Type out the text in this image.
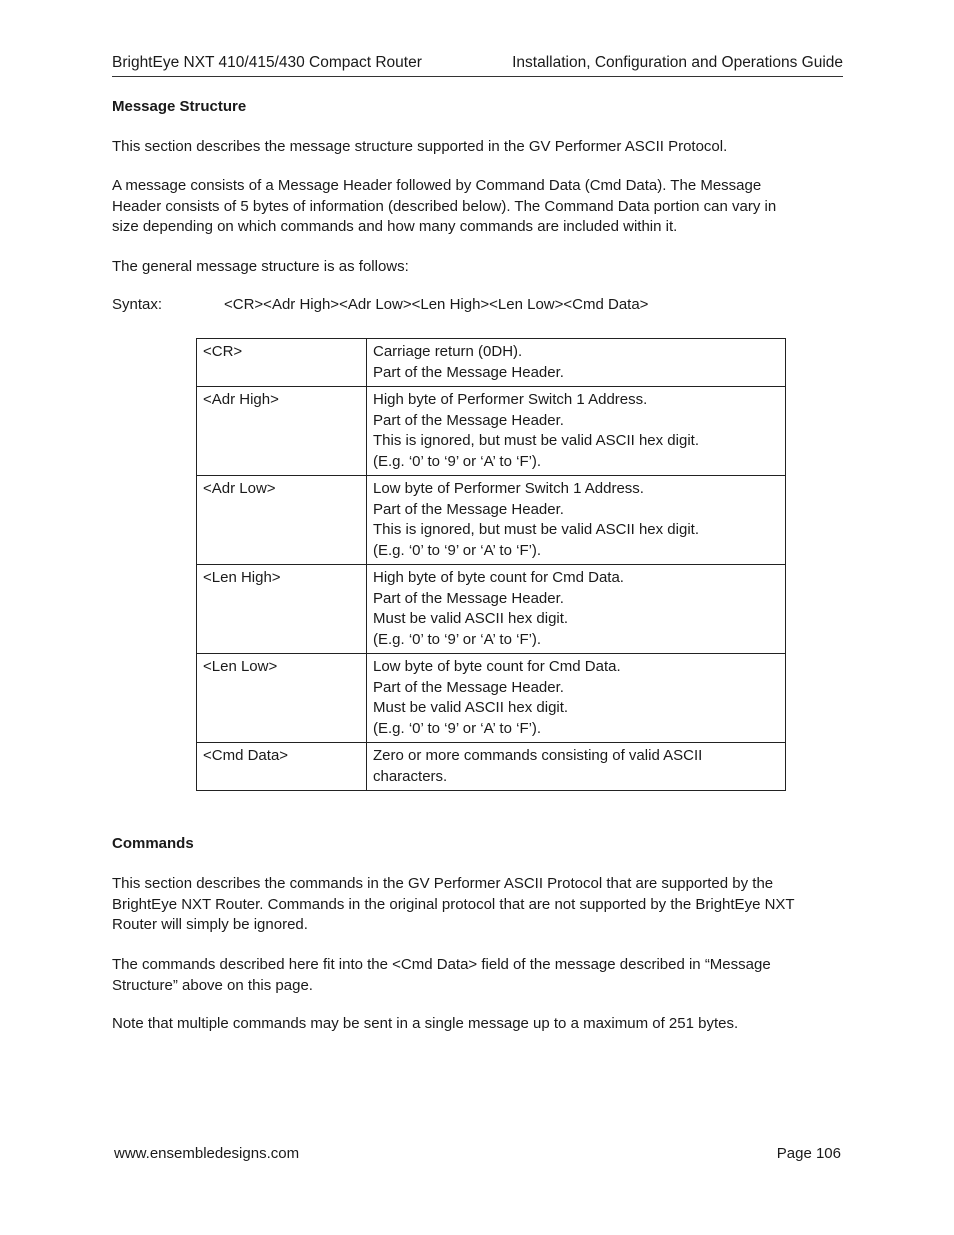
BrightEye NXT 410/415/430 Compact Router	Installation, Configuration and Operations Guide
Message Structure
This section describes the message structure supported in the GV Performer ASCII Protocol.
A message consists of a Message Header followed by Command Data (Cmd Data). The Message
Header consists of 5 bytes of information (described below). The Command Data portion can vary in
size depending on which commands and how many commands are included within it.
The general message structure is as follows:
Syntax:	<CR><Adr High><Adr Low><Len High><Len Low><Cmd Data>
<CR>	Carriage return (0DH).
Part of the Message Header.

<Adr High>	High byte of Performer Switch 1 Address.
Part of the Message Header.
This is ignored, but must be valid ASCII hex digit.
(E.g. ‘0’ to ‘9’ or ‘A’ to ‘F’).

<Adr Low>	Low byte of Performer Switch 1 Address.
Part of the Message Header.
This is ignored, but must be valid ASCII hex digit.
(E.g. ‘0’ to ‘9’ or ‘A’ to ‘F’).

<Len High>	High byte of byte count for Cmd Data.
Part of the Message Header.
Must be valid ASCII hex digit.
(E.g. ‘0’ to ‘9’ or ‘A’ to ‘F’).

<Len Low>	Low byte of byte count for Cmd Data.
Part of the Message Header.
Must be valid ASCII hex digit.
(E.g. ‘0’ to ‘9’ or ‘A’ to ‘F’).

<Cmd Data>	Zero or more commands consisting of valid ASCII
characters.
Commands
This section describes the commands in the GV Performer ASCII Protocol that are supported by the
BrightEye NXT Router. Commands in the original protocol that are not supported by the BrightEye NXT
Router will simply be ignored.
The commands described here fit into the <Cmd Data> field of the message described in “Message
Structure” above on this page.
Note that multiple commands may be sent in a single message up to a maximum of 251 bytes.
www.ensembledesigns.com	Page 106
